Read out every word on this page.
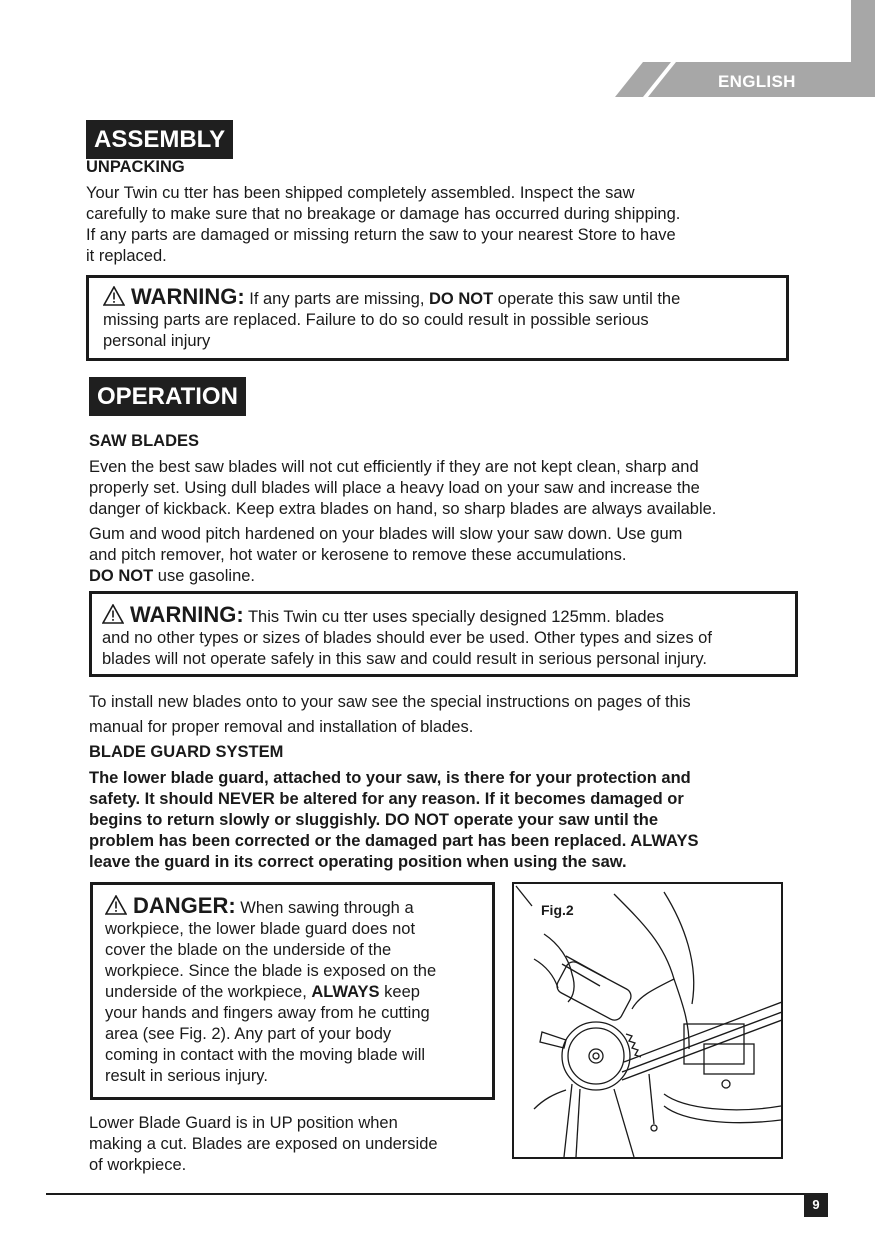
ENGLISH
ASSEMBLY
UNPACKING

Your Twin cu tter has been shipped completely assembled. Inspect the saw

carefully to make sure that no breakage or damage has occurred during shipping.

If any parts are damaged or missing return the saw to your nearest Store to have

it replaced.

WARNING: If any parts are missing, DO NOT operate this saw until the

missing parts are replaced. Failure to do so could result in possible serious

personal injury

OPERATION
SAW BLADES

Even the best saw blades will not cut efficiently if they are not kept clean, sharp and

properly set. Using dull blades will place a heavy load on your saw and increase the

danger of kickback. Keep extra blades on hand, so sharp blades are always available.

Gum and wood pitch hardened on your blades will slow your saw down. Use gum

and pitch remover, hot water or kerosene to remove these accumulations.

DO NOT use gasoline.

WARNING: This Twin cu tter uses specially designed 125mm. blades

and no other types or sizes of blades should ever be used. Other types and sizes of

blades will not operate safely in this saw and could result in serious personal injury.

To install new blades onto to your saw see the special instructions on pages of this

manual for proper removal and installation of blades.

BLADE GUARD SYSTEM

The lower blade guard, attached to your saw, is there for your protection and

safety. It should NEVER be altered for any reason. If it becomes damaged or

begins to return slowly or sluggishly. DO NOT operate your saw until the

problem has been corrected or the damaged part has been replaced. ALWAYS

leave the guard in its correct operating position when using the saw.

DANGER: When sawing through a

workpiece, the lower blade guard does not

cover the blade on the underside of the

workpiece. Since the blade is exposed on the

underside of the workpiece, ALWAYS keep

your hands and fingers away from he cutting

area (see Fig. 2). Any part of your body

coming in contact with the moving blade will

result in serious injury.

Lower Blade Guard is in UP position when

making a cut. Blades are exposed on underside

of workpiece.

Fig.2
9
